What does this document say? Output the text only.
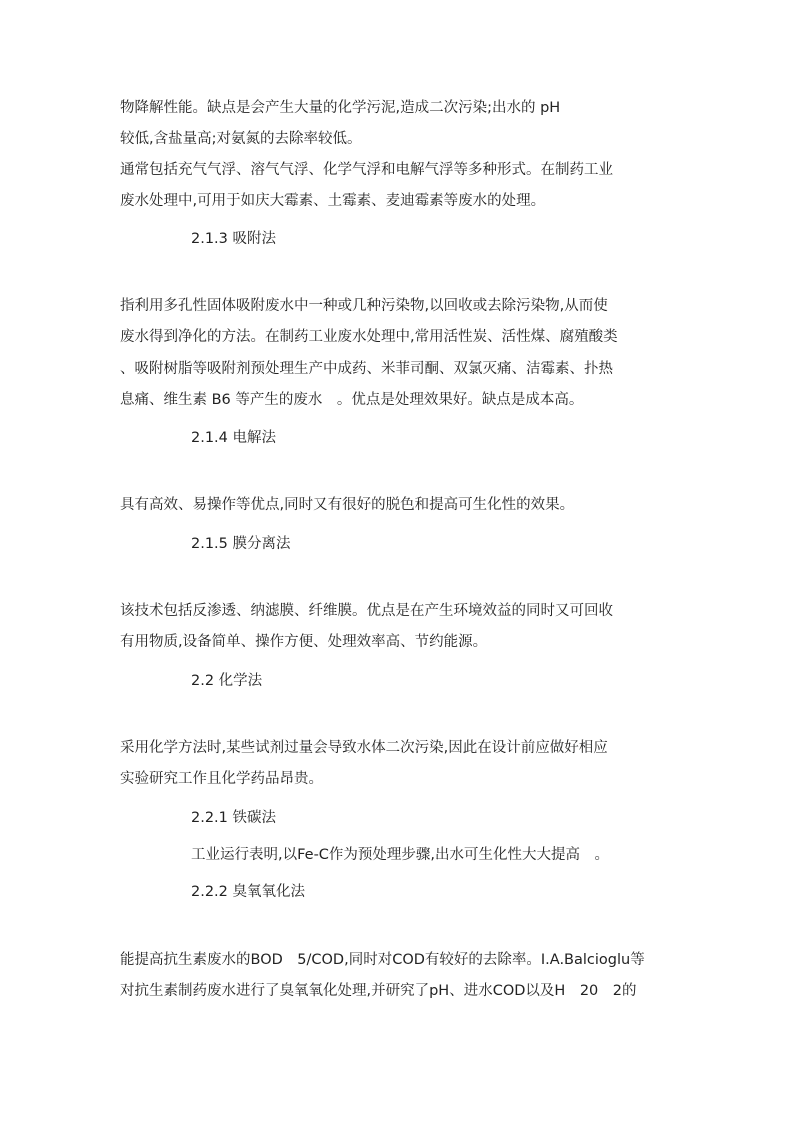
物降解性能。缺点是会产生大量的化学污泥,造成二次污染;出水的 pH
较低,含盐量高;对氨氮的去除率较低。
通常包括充气气浮、溶气气浮、化学气浮和电解气浮等多种形式。在制药工业
废水处理中,可用于如庆大霉素、土霉素、麦迪霉素等废水的处理。
2.1.3 吸附法
指利用多孔性固体吸附废水中一种或几种污染物,以回收或去除污染物,从而使
废水得到净化的方法。在制药工业废水处理中,常用活性炭、活性煤、腐殖酸类
、吸附树脂等吸附剂预处理生产中成药、米菲司酮、双氯灭痛、洁霉素、扑热
息痛、维生素 B6 等产生的废水　。优点是处理效果好。缺点是成本高。
2.1.4 电解法
具有高效、易操作等优点,同时又有很好的脱色和提高可生化性的效果。
2.1.5 膜分离法
该技术包括反渗透、纳滤膜、纤维膜。优点是在产生环境效益的同时又可回收
有用物质,设备简单、操作方便、处理效率高、节约能源。
2.2 化学法
采用化学方法时,某些试剂过量会导致水体二次污染,因此在设计前应做好相应
实验研究工作且化学药品昂贵。
2.2.1 铁碳法
工业运行表明,以Fe-C作为预处理步骤,出水可生化性大大提高　。
2.2.2 臭氧氧化法
能提高抗生素废水的BOD　5/COD,同时对COD有较好的去除率。I.A.Balcioglu等
对抗生素制药废水进行了臭氧氧化处理,并研究了pH、进水COD以及H　20　2的
